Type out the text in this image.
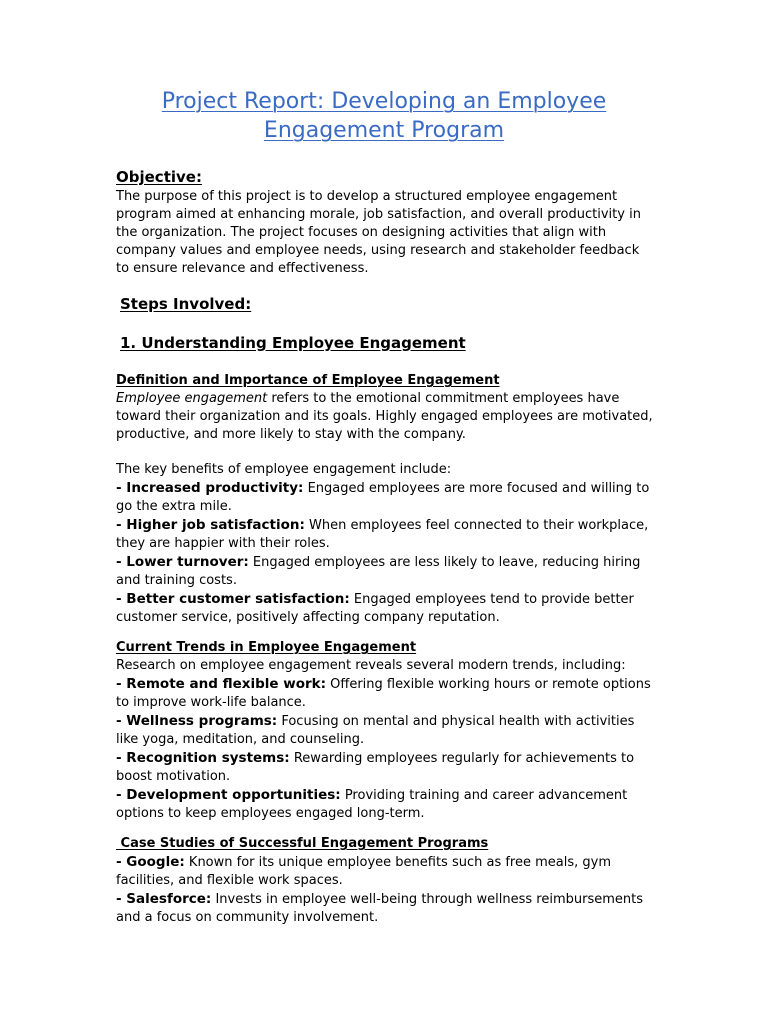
Project Report: Developing an Employee Engagement Program
Objective:

The purpose of this project is to develop a structured employee engagement program aimed at enhancing morale, job satisfaction, and overall productivity in the organization. The project focuses on designing activities that align with company values and employee needs, using research and stakeholder feedback to ensure relevance and effectiveness.

Steps Involved:
1. Understanding Employee Engagement
Definition and Importance of Employee Engagement

Employee engagement refers to the emotional commitment employees have toward their organization and its goals. Highly engaged employees are motivated, productive, and more likely to stay with the company.

The key benefits of employee engagement include:

- Increased productivity: Engaged employees are more focused and willing to go the extra mile.
- Higher job satisfaction: When employees feel connected to their workplace, they are happier with their roles.
- Lower turnover: Engaged employees are less likely to leave, reducing hiring and training costs.
- Better customer satisfaction: Engaged employees tend to provide better customer service, positively affecting company reputation.
Current Trends in Employee Engagement

Research on employee engagement reveals several modern trends, including:

- Remote and flexible work: Offering flexible working hours or remote options to improve work-life balance.
- Wellness programs: Focusing on mental and physical health with activities like yoga, meditation, and counseling.
- Recognition systems: Rewarding employees regularly for achievements to boost motivation.
- Development opportunities: Providing training and career advancement options to keep employees engaged long-term.
Case Studies of Successful Engagement Programs
- Google: Known for its unique employee benefits such as free meals, gym facilities, and flexible work spaces.
- Salesforce: Invests in employee well-being through wellness reimbursements and a focus on community involvement.
